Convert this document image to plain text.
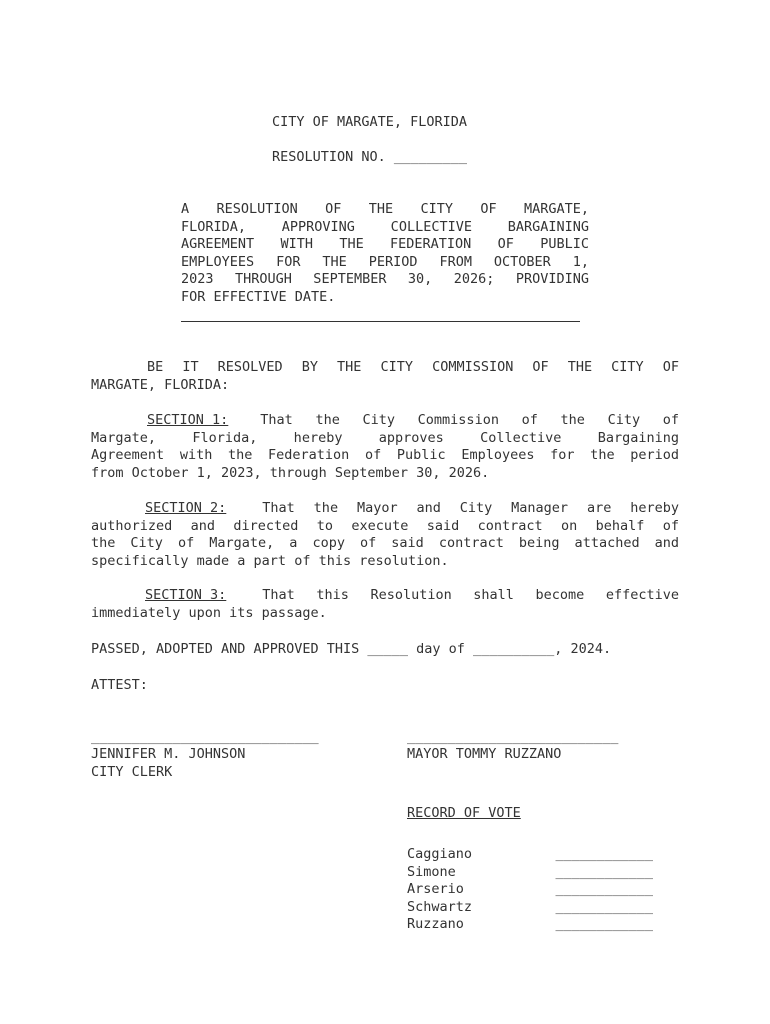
CITY OF MARGATE, FLORIDA
RESOLUTION NO. _________
A RESOLUTION OF THE CITY OF MARGATE,
FLORIDA, APPROVING COLLECTIVE BARGAINING
AGREEMENT WITH THE FEDERATION OF PUBLIC
EMPLOYEES FOR THE PERIOD FROM OCTOBER 1,
2023 THROUGH SEPTEMBER 30, 2026; PROVIDING
FOR EFFECTIVE DATE.
BE IT RESOLVED BY THE CITY COMMISSION OF THE CITY OF
MARGATE, FLORIDA:
SECTION 1: That the City Commission of the City of
Margate, Florida, hereby approves Collective Bargaining
Agreement with the Federation of Public Employees for the period
from October 1, 2023, through September 30, 2026.
SECTION 2:	That the Mayor and City Manager are hereby
authorized and directed to execute said contract on behalf of
the City of Margate, a copy of said contract being attached and
specifically made a part of this resolution.
SECTION 3:	That this Resolution shall become effective
immediately upon its passage.
PASSED, ADOPTED AND APPROVED THIS _____ day of __________, 2024.
ATTEST:
____________________________
JENNIFER M. JOHNSON
CITY CLERK
__________________________
MAYOR TOMMY RUZZANO
RECORD OF VOTE
Caggiano	____________
Simone	____________
Arserio	____________
Schwartz	____________
Ruzzano	____________
